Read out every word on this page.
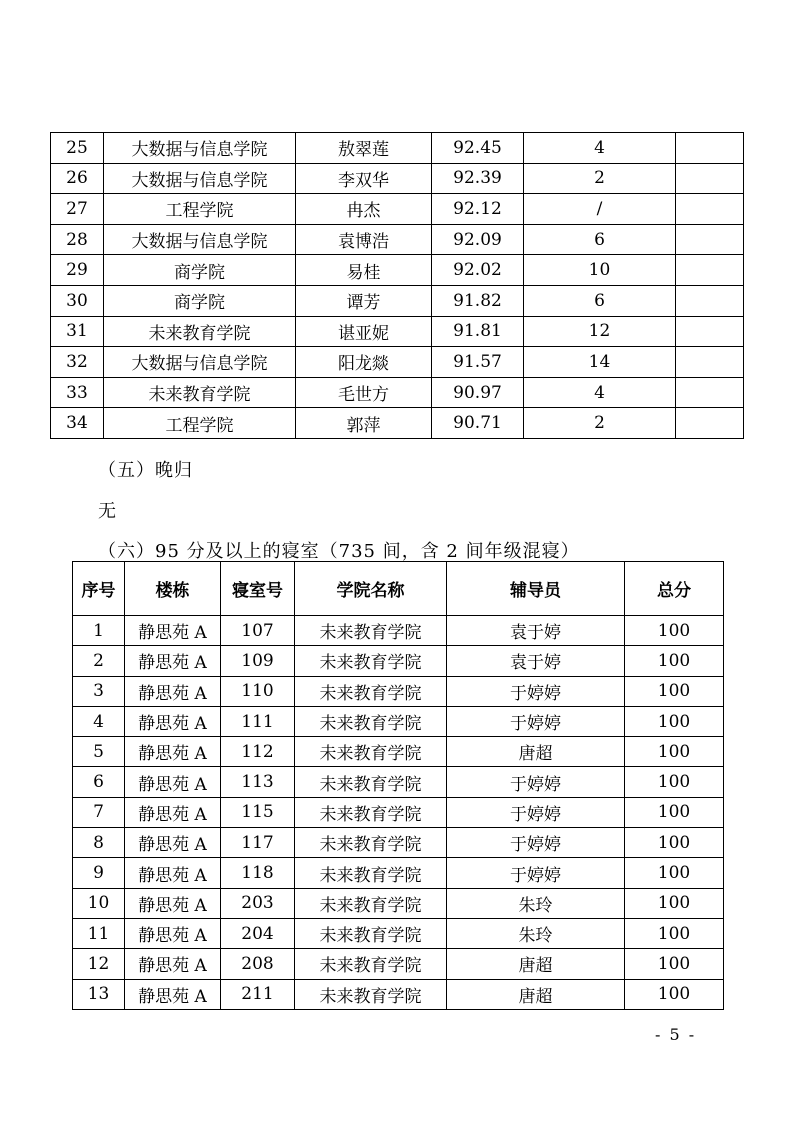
25	大数据与信息学院	敖翠莲	92.45	4	
26	大数据与信息学院	李双华	92.39	2	
27	工程学院	冉杰	92.12	/	
28	大数据与信息学院	袁博浩	92.09	6	
29	商学院	易桂	92.02	10	
30	商学院	谭芳	91.82	6	
31	未来教育学院	谌亚妮	91.81	12	
32	大数据与信息学院	阳龙燚	91.57	14	
33	未来教育学院	毛世方	90.97	4	
34	工程学院	郭萍	90.71	2	
（五）晚归
无
（六）95 分及以上的寝室（735 间，含 2 间年级混寝）
序号	楼栋	寝室号	学院名称	辅导员	总分
1	静思苑 A	107	未来教育学院	袁于婷	100
2	静思苑 A	109	未来教育学院	袁于婷	100
3	静思苑 A	110	未来教育学院	于婷婷	100
4	静思苑 A	111	未来教育学院	于婷婷	100
5	静思苑 A	112	未来教育学院	唐超	100
6	静思苑 A	113	未来教育学院	于婷婷	100
7	静思苑 A	115	未来教育学院	于婷婷	100
8	静思苑 A	117	未来教育学院	于婷婷	100
9	静思苑 A	118	未来教育学院	于婷婷	100
10	静思苑 A	203	未来教育学院	朱玲	100
11	静思苑 A	204	未来教育学院	朱玲	100
12	静思苑 A	208	未来教育学院	唐超	100
13	静思苑 A	211	未来教育学院	唐超	100
- 5 -
